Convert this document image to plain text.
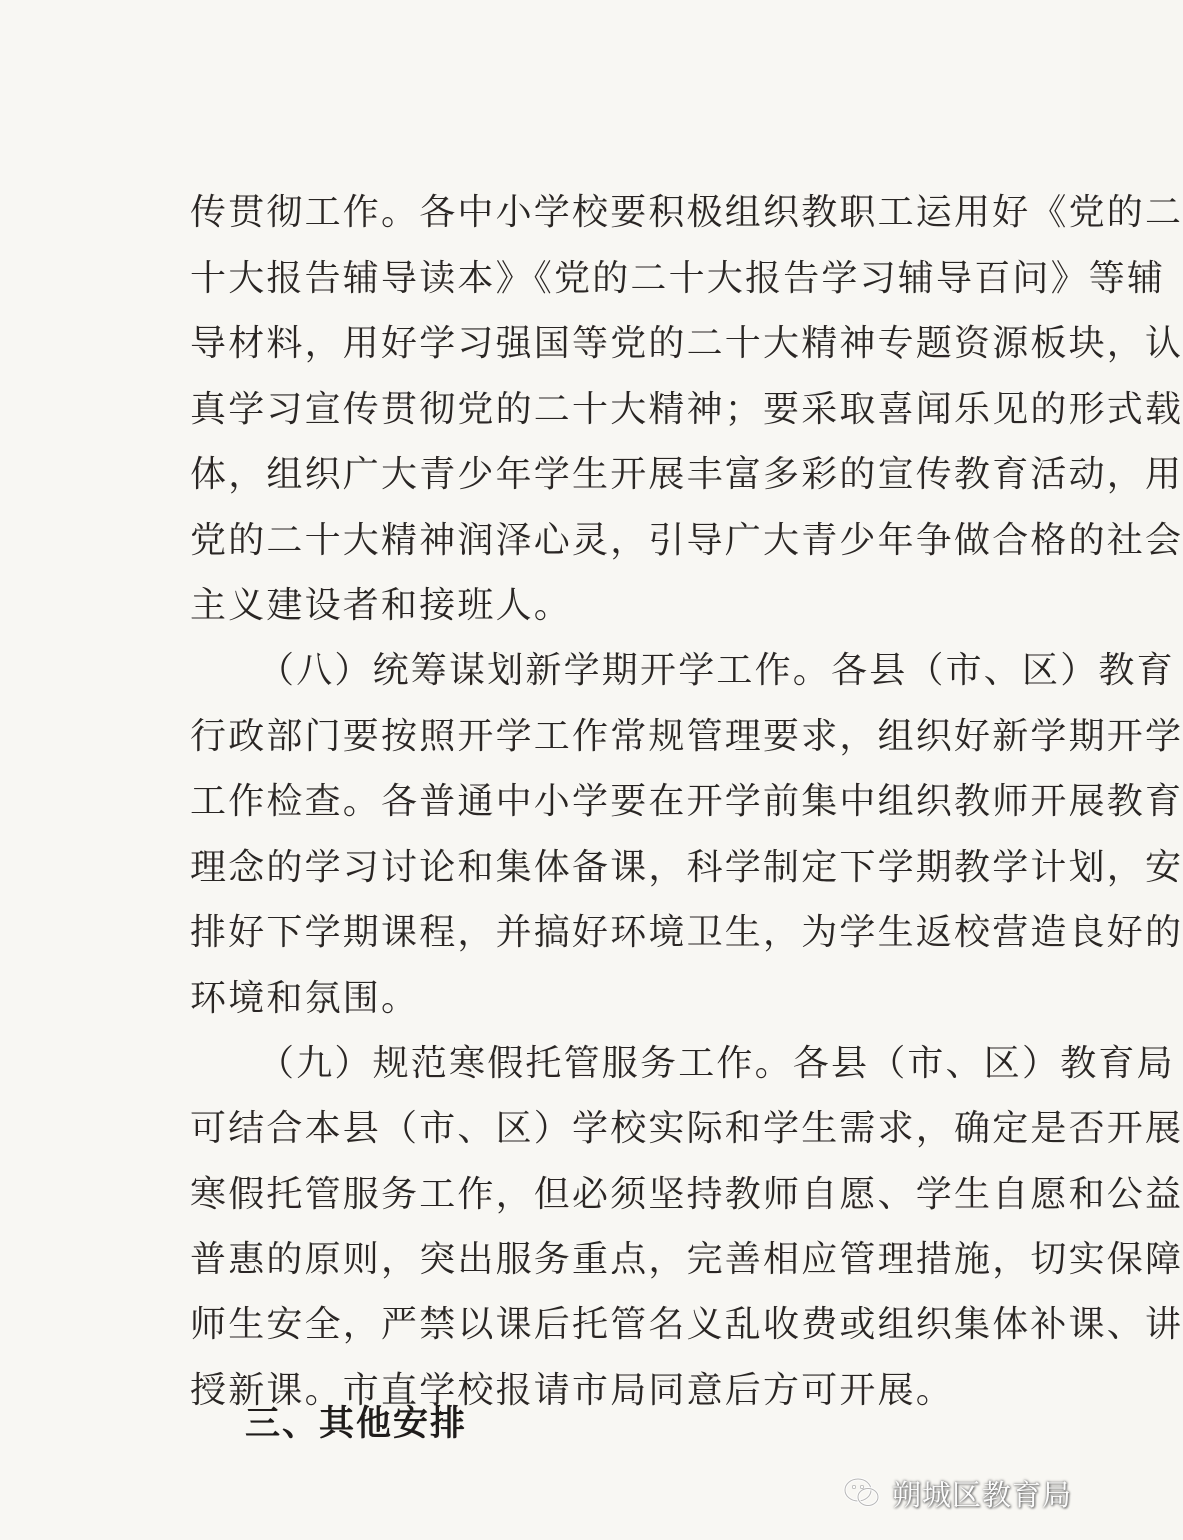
传贯彻工作。各中小学校要积极组织教职工运用好《党的二
十大报告辅导读本》《党的二十大报告学习辅导百问》等辅
导材料，用好学习强国等党的二十大精神专题资源板块，认
真学习宣传贯彻党的二十大精神；要采取喜闻乐见的形式载
体，组织广大青少年学生开展丰富多彩的宣传教育活动，用
党的二十大精神润泽心灵，引导广大青少年争做合格的社会
主义建设者和接班人。
（八）统筹谋划新学期开学工作。各县（市、区）教育
行政部门要按照开学工作常规管理要求，组织好新学期开学
工作检查。各普通中小学要在开学前集中组织教师开展教育
理念的学习讨论和集体备课，科学制定下学期教学计划，安
排好下学期课程，并搞好环境卫生，为学生返校营造良好的
环境和氛围。
（九）规范寒假托管服务工作。各县（市、区）教育局
可结合本县（市、区）学校实际和学生需求，确定是否开展
寒假托管服务工作，但必须坚持教师自愿、学生自愿和公益
普惠的原则，突出服务重点，完善相应管理措施，切实保障
师生安全，严禁以课后托管名义乱收费或组织集体补课、讲
授新课。市直学校报请市局同意后方可开展。
三、其他安排
朔城区教育局
